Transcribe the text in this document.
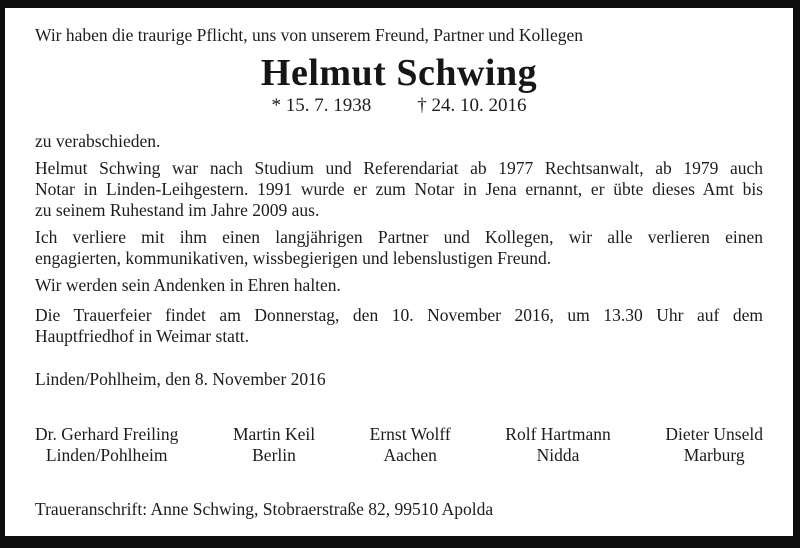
Wir haben die traurige Pflicht, uns von unserem Freund, Partner und Kollegen
Helmut Schwing
* 15. 7. 1938 † 24. 10. 2016
zu verabschieden.
Helmut Schwing war nach Studium und Referendariat ab 1977 Rechtsanwalt, ab 1979 auch
Notar in Linden-Leihgestern. 1991 wurde er zum Notar in Jena ernannt, er übte dieses Amt bis
zu seinem Ruhestand im Jahre 2009 aus.
Ich verliere mit ihm einen langjährigen Partner und Kollegen, wir alle verlieren einen
engagierten, kommunikativen, wissbegierigen und lebenslustigen Freund.
Wir werden sein Andenken in Ehren halten.
Die Trauerfeier findet am Donnerstag, den 10. November 2016, um 13.30 Uhr auf dem
Hauptfriedhof in Weimar statt.
Linden/Pohlheim, den 8. November 2016
Dr. Gerhard Freiling
Linden/Pohlheim
Martin Keil
Berlin
Ernst Wolff
Aachen
Rolf Hartmann
Nidda
Dieter Unseld
Marburg
Traueranschrift: Anne Schwing, Stobraerstraße 82, 99510 Apolda
